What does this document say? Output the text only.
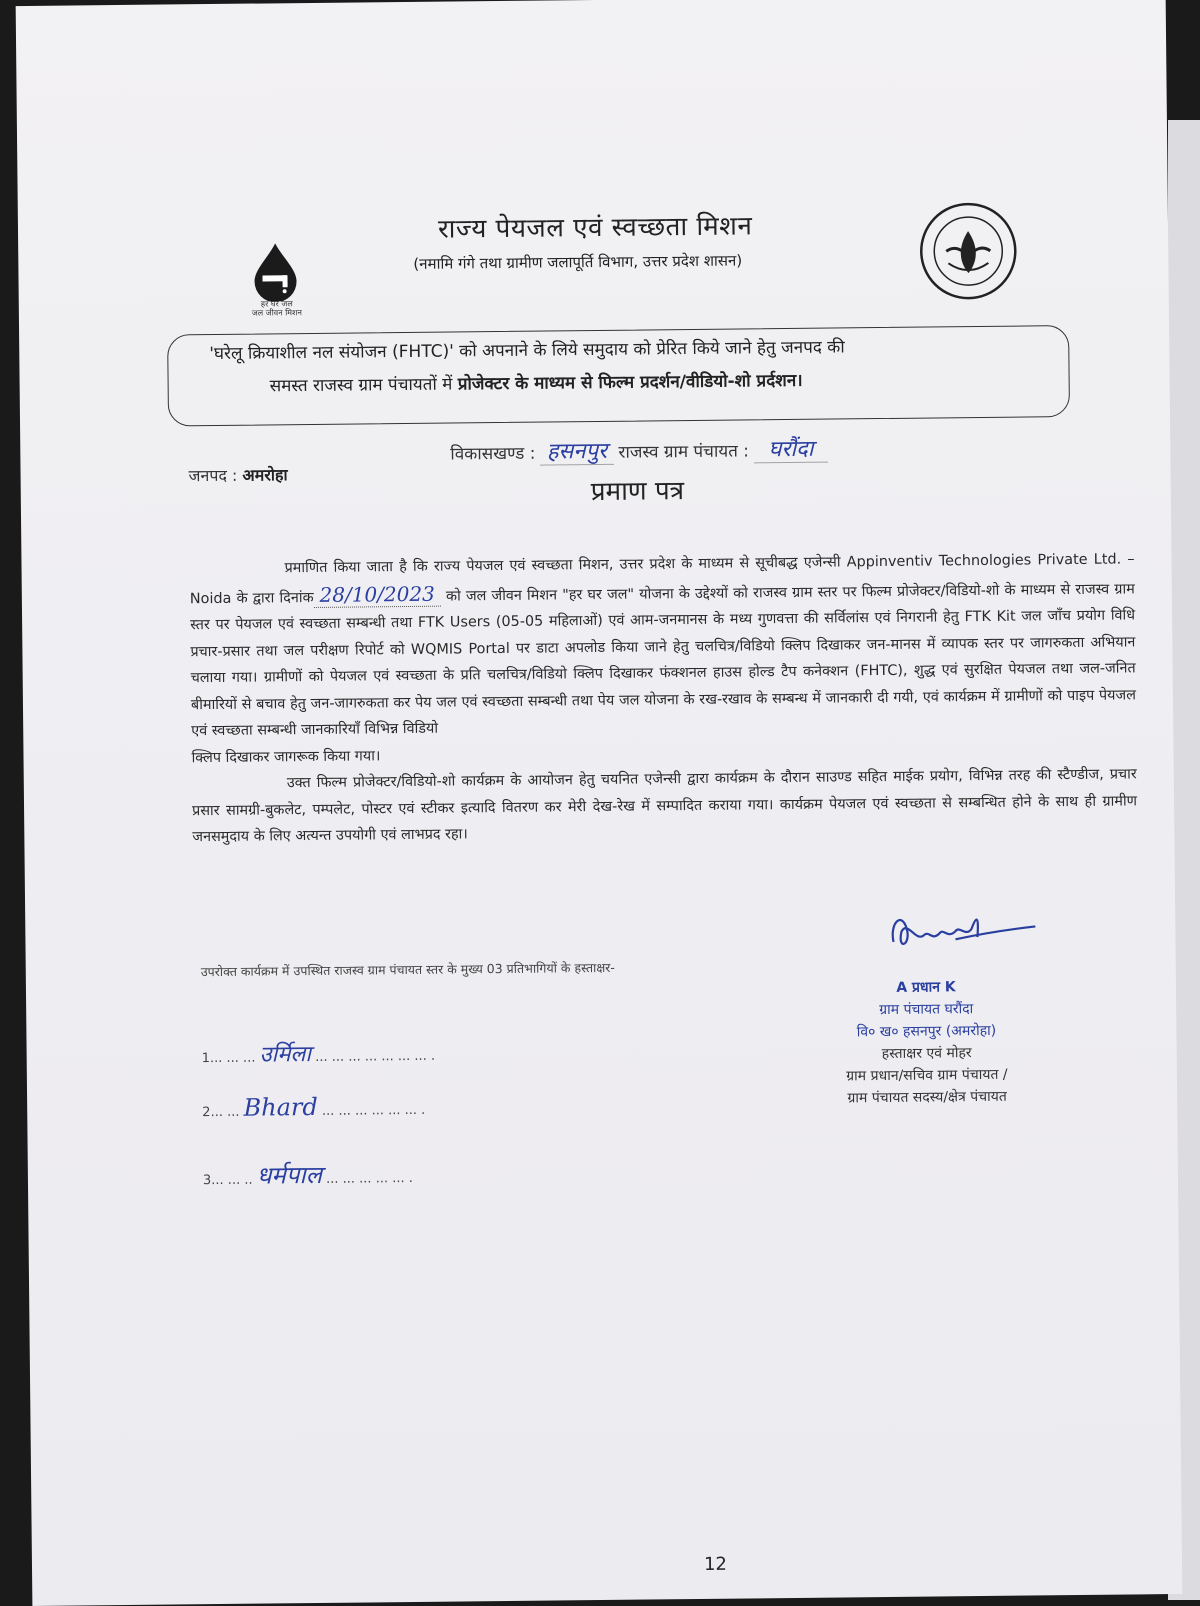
हर घर जल
जल जीवन मिशन
राज्य पेयजल एवं स्वच्छता मिशन
(नमामि गंगे तथा ग्रामीण जलापूर्ति विभाग, उत्तर प्रदेश शासन)
'घरेलू क्रियाशील नल संयोजन (FHTC)' को अपनाने के लिये समुदाय को प्रेरित किये जाने हेतु जनपद की
समस्त राजस्व ग्राम पंचायतों में प्रोजेक्टर के माध्यम से फिल्म प्रदर्शन/वीडियो-शो प्रर्दशन।
जनपद : अमरोहा
विकासखण्ड : हसनपुर राजस्व ग्राम पंचायत : घरौंदा
प्रमाण पत्र

प्रमाणित किया जाता है कि राज्य पेयजल एवं स्वच्छता मिशन, उत्तर प्रदेश के माध्यम से सूचीबद्ध एजेन्सी Appinventiv Technologies Private Ltd. – Noida के द्वारा दिनांक 28/10/2023 को जल जीवन मिशन "हर घर जल" योजना के उद्देश्यों को राजस्व ग्राम स्तर पर फिल्म प्रोजेक्टर/विडियो-शो के माध्यम से राजस्व ग्राम स्तर पर पेयजल एवं स्वच्छता सम्बन्धी तथा FTK Users (05-05 महिलाओं) एवं आम-जनमानस के मध्य गुणवत्ता की सर्विलांस एवं निगरानी हेतु FTK Kit जल जाँच प्रयोग विधि प्रचार-प्रसार तथा जल परीक्षण रिपोर्ट को WQMIS Portal पर डाटा अपलोड किया जाने हेतु चलचित्र/विडियो क्लिप दिखाकर जन-मानस में व्यापक स्तर पर जागरुकता अभियान चलाया गया। ग्रामीणों को पेयजल एवं स्वच्छता के प्रति चलचित्र/विडियो क्लिप दिखाकर फंक्शनल हाउस होल्ड टैप कनेक्शन (FHTC), शुद्ध एवं सुरक्षित पेयजल तथा जल-जनित बीमारियों से बचाव हेतु जन-जागरुकता कर पेय जल एवं स्वच्छता सम्बन्धी तथा पेय जल योजना के रख-रखाव के सम्बन्ध में जानकारी दी गयी, एवं कार्यक्रम में ग्रामीणों को पाइप पेयजल एवं स्वच्छता सम्बन्धी जानकारियाँ विभिन्न विडियो

क्लिप दिखाकर जागरूक किया गया।

उक्त फिल्म प्रोजेक्टर/विडियो-शो कार्यक्रम के आयोजन हेतु चयनित एजेन्सी द्वारा कार्यक्रम के दौरान साउण्ड सहित माईक प्रयोग, विभिन्न तरह की स्टैण्डीज, प्रचार प्रसार सामग्री-बुकलेट, पम्पलेट, पोस्टर एवं स्टीकर इत्यादि वितरण कर मेरी देख-रेख में सम्पादित कराया गया। कार्यक्रम पेयजल एवं स्वच्छता से सम्बन्धित होने के साथ ही ग्रामीण जनसमुदाय के लिए अत्यन्त उपयोगी एवं लाभप्रद रहा।

उपरोक्त कार्यक्रम में उपस्थित राजस्व ग्राम पंचायत स्तर के मुख्य 03 प्रतिभागियों के हस्ताक्षर-
1... ... ... उर्मिला ... ... ... ... ... ... ... .
2... ... Bhard ... ... ... ... ... ... .
3... ... .. धर्मपाल ... ... ... ... ... .
A प्रधान K
ग्राम पंचायत घरौंदा
वि० ख० हसनपुर (अमरोहा)
हस्ताक्षर एवं मोहर
ग्राम प्रधान/सचिव ग्राम पंचायत /
ग्राम पंचायत सदस्य/क्षेत्र पंचायत
12
